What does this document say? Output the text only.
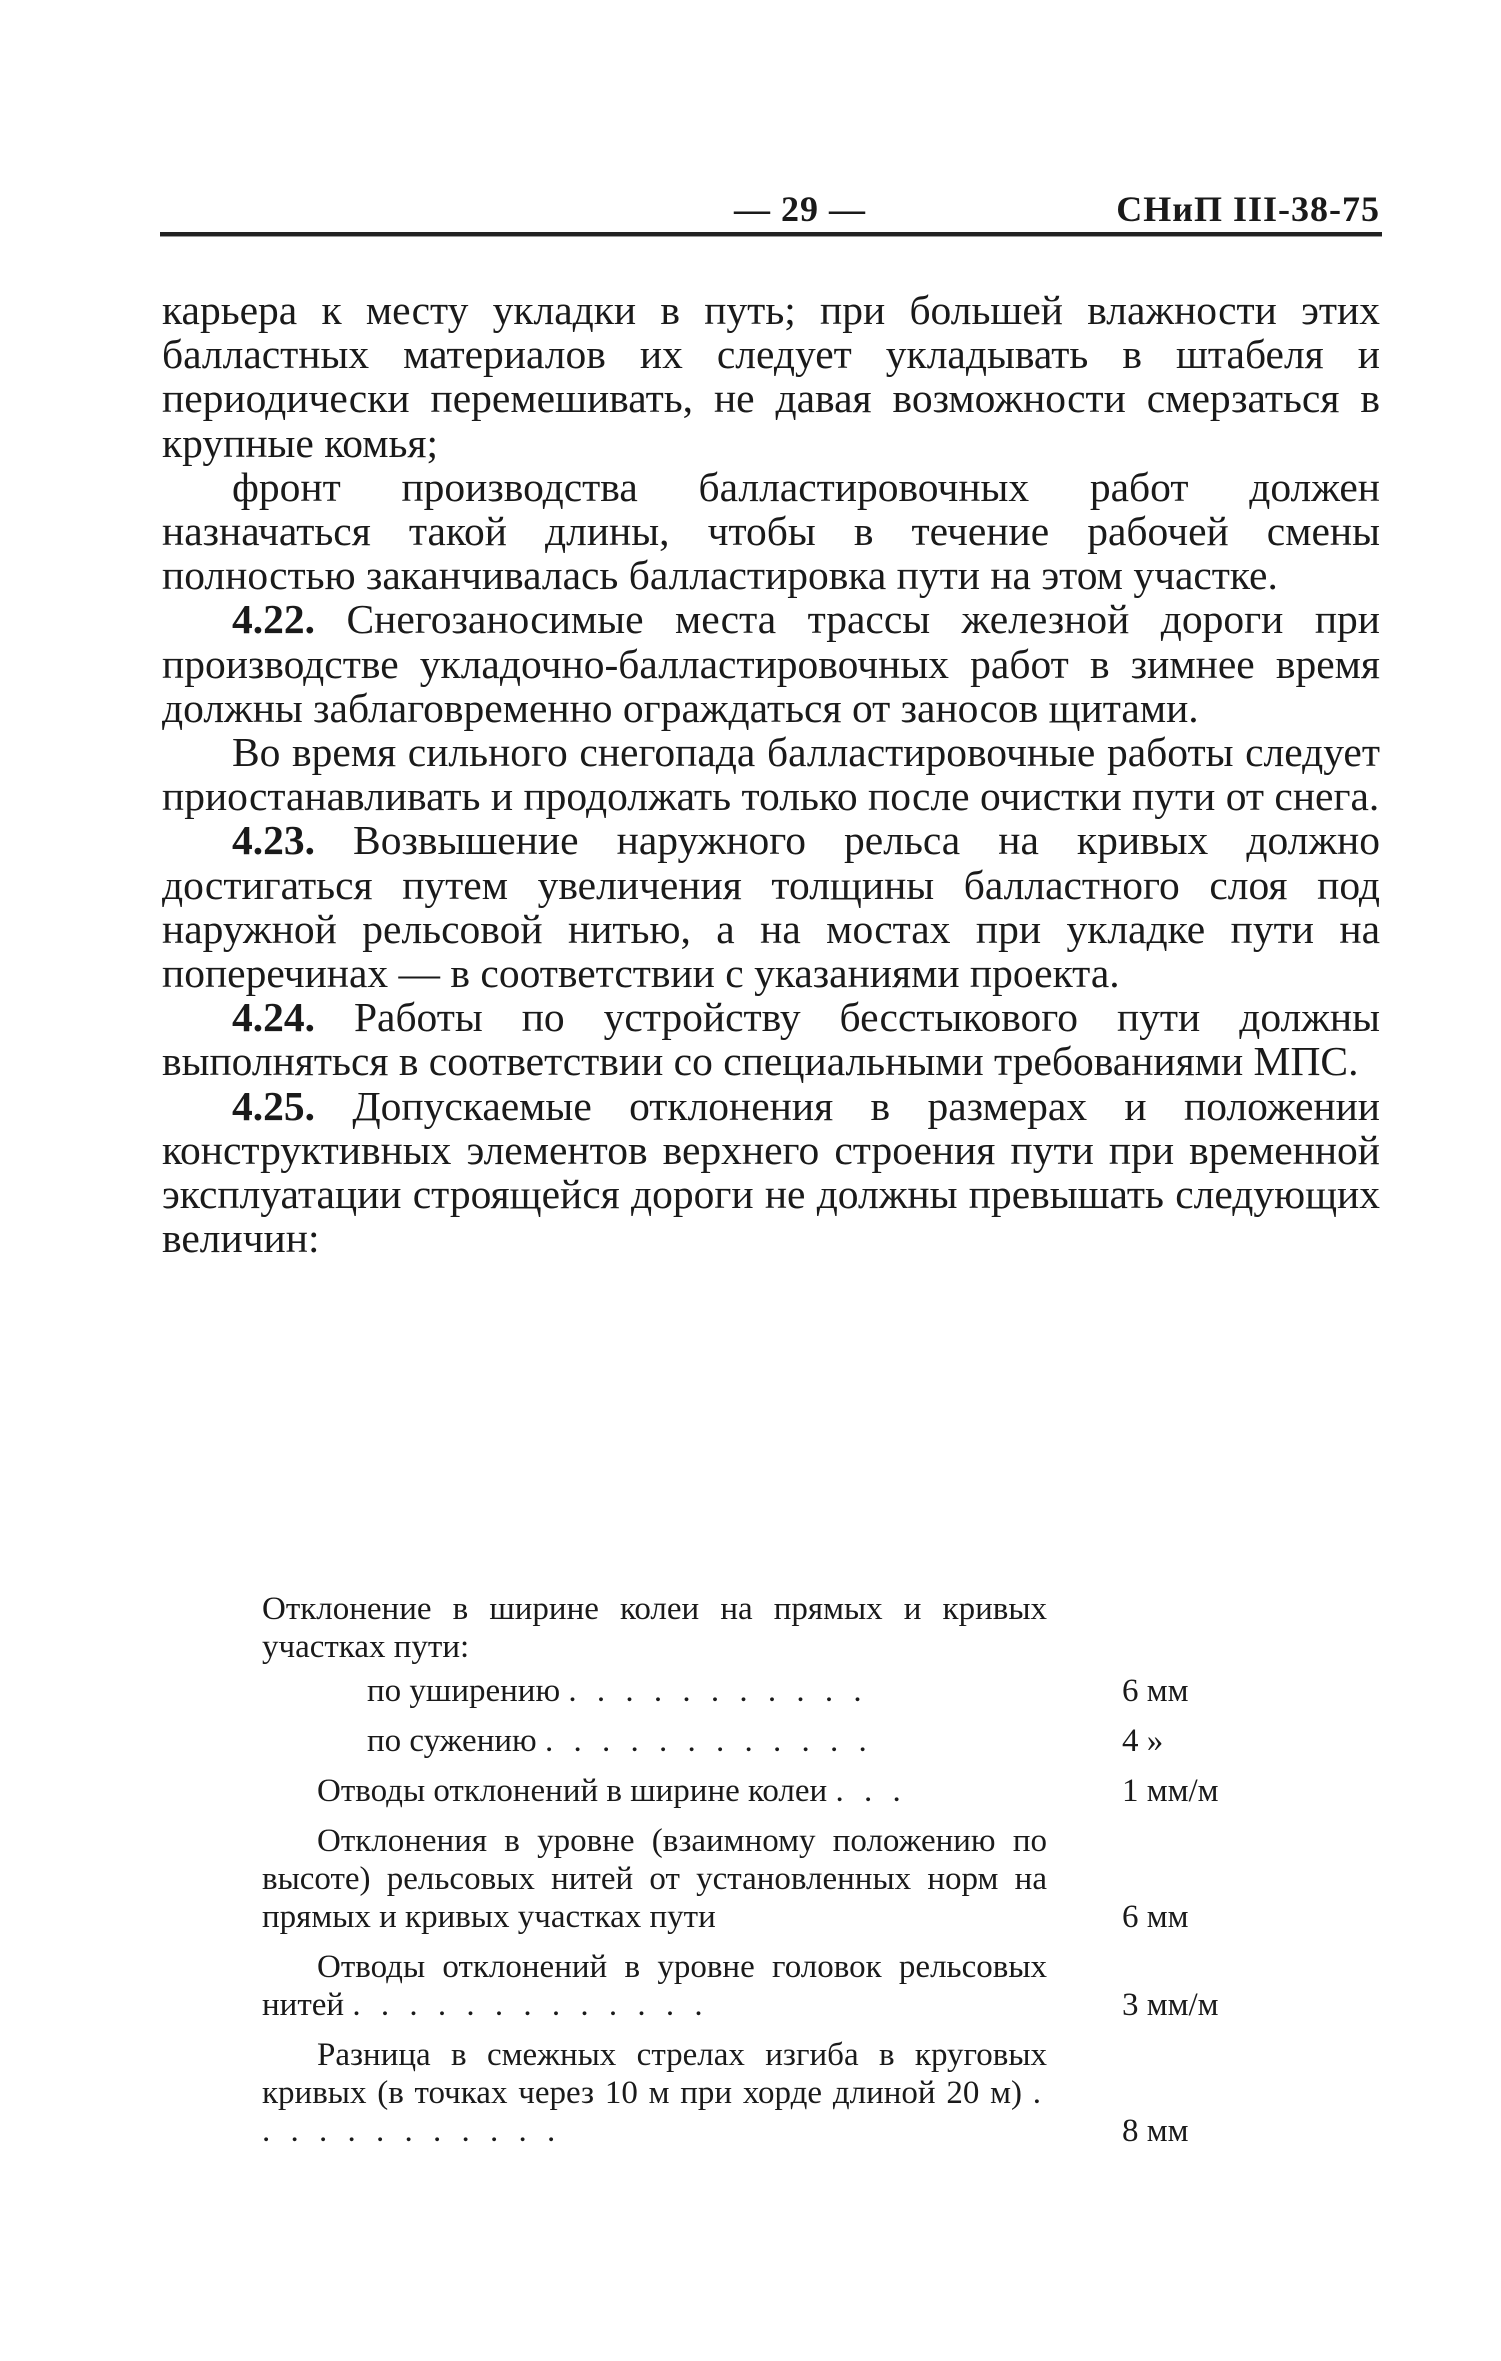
— 29 —	СНиП III-38-75

карьера к месту укладки в путь; при большей влажности этих балластных материалов их следует укладывать в штабеля и периодически перемешивать, не давая возможности смерзаться в крупные комья;

фронт производства балластировочных работ должен назначаться такой длины, чтобы в течение рабочей смены полностью заканчивалась балластировка пути на этом участке.

4.22. Снегозаносимые места трассы железной дороги при производстве укладочно-балластировочных работ в зимнее время должны заблаговременно ограждаться от заносов щитами.

Во время сильного снегопада балластировочные работы следует приостанавливать и продолжать только после очистки пути от снега.

4.23. Возвышение наружного рельса на кривых должно достигаться путем увеличения толщины балластного слоя под наружной рельсовой нитью, а на мостах при укладке пути на поперечинах — в соответствии с указаниями проекта.

4.24. Работы по устройству бесстыкового пути должны выполняться в соответствии со специальными требованиями МПС.

4.25. Допускаемые отклонения в размерах и положении конструктивных элементов верхнего строения пути при временной эксплуатации строящейся дороги не должны превышать следующих величин:

Отклонение в ширине колеи на прямых и кривых участках пути:
по уширению . . . . . . . . . . .	6 мм
по сужению . . . . . . . . . . . .	4 »
Отводы отклонений в ширине колеи . . .	1 мм/м
Отклонения в уровне (взаимному положению по высоте) рельсовых нитей от установленных норм на прямых и кривых участках пути	6 мм
Отводы отклонений в уровне головок рельсовых нитей . . . . . . . . . . . . .	3 мм/м
Разница в смежных стрелах изгиба в круговых кривых (в точках через 10 м при хорде длиной 20 м) . . . . . . . . . . . .	8 мм
